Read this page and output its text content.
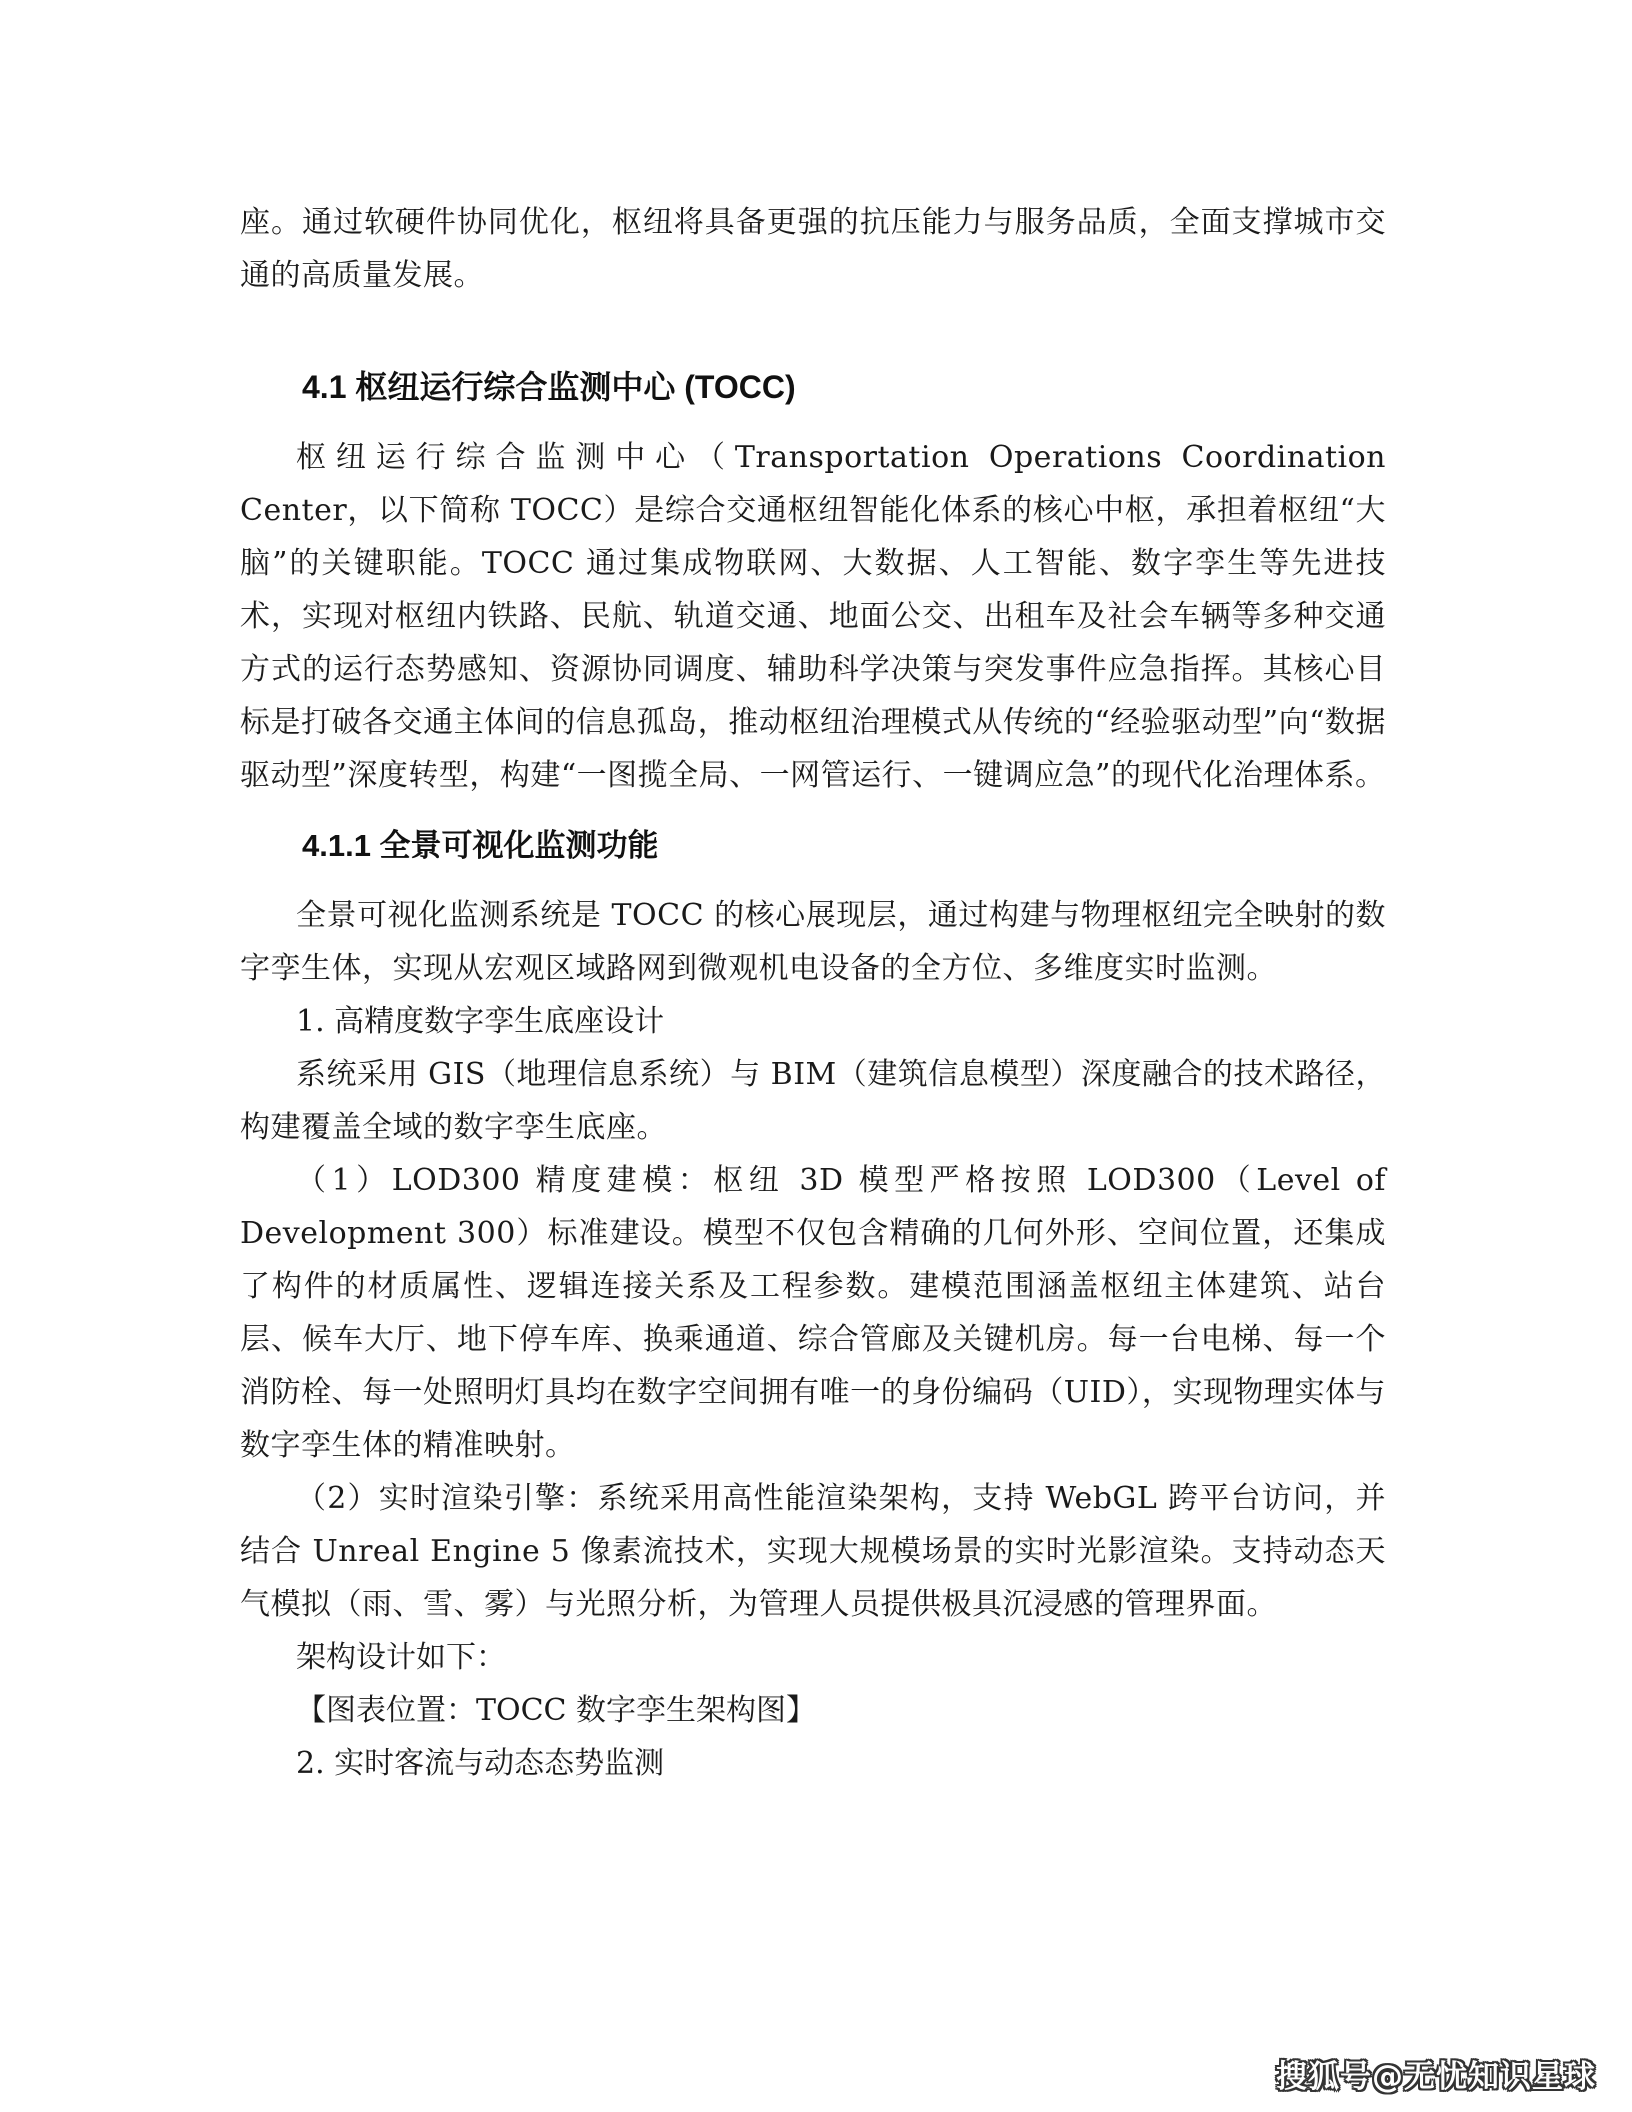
座。通过软硬件协同优化，枢纽将具备更强的抗压能力与服务品质，全面支撑城市交通的高质量发展。

4.1 枢纽运行综合监测中心 (TOCC)

枢纽运行综合监测中心（Transportation Operations Coordination Center，以下简称 TOCC）是综合交通枢纽智能化体系的核心中枢，承担着枢纽“大脑”的关键职能。TOCC 通过集成物联网、大数据、人工智能、数字孪生等先进技术，实现对枢纽内铁路、民航、轨道交通、地面公交、出租车及社会车辆等多种交通方式的运行态势感知、资源协同调度、辅助科学决策与突发事件应急指挥。其核心目标是打破各交通主体间的信息孤岛，推动枢纽治理模式从传统的“经验驱动型”向“数据驱动型”深度转型，构建“一图揽全局、一网管运行、一键调应急”的现代化治理体系。

4.1.1 全景可视化监测功能

全景可视化监测系统是 TOCC 的核心展现层，通过构建与物理枢纽完全映射的数字孪生体，实现从宏观区域路网到微观机电设备的全方位、多维度实时监测。

1. 高精度数字孪生底座设计

系统采用 GIS（地理信息系统）与 BIM（建筑信息模型）深度融合的技术路径，构建覆盖全域的数字孪生底座。

（1）LOD300 精度建模：枢纽 3D 模型严格按照 LOD300（Level of Development 300）标准建设。模型不仅包含精确的几何外形、空间位置，还集成了构件的材质属性、逻辑连接关系及工程参数。建模范围涵盖枢纽主体建筑、站台层、候车大厅、地下停车库、换乘通道、综合管廊及关键机房。每一台电梯、每一个消防栓、每一处照明灯具均在数字空间拥有唯一的身份编码（UID），实现物理实体与数字孪生体的精准映射。

（2）实时渲染引擎：系统采用高性能渲染架构，支持 WebGL 跨平台访问，并结合 Unreal Engine 5 像素流技术，实现大规模场景的实时光影渲染。支持动态天气模拟（雨、雪、雾）与光照分析，为管理人员提供极具沉浸感的管理界面。

架构设计如下：

【图表位置：TOCC 数字孪生架构图】

2. 实时客流与动态态势监测

搜狐号@无忧知识星球
